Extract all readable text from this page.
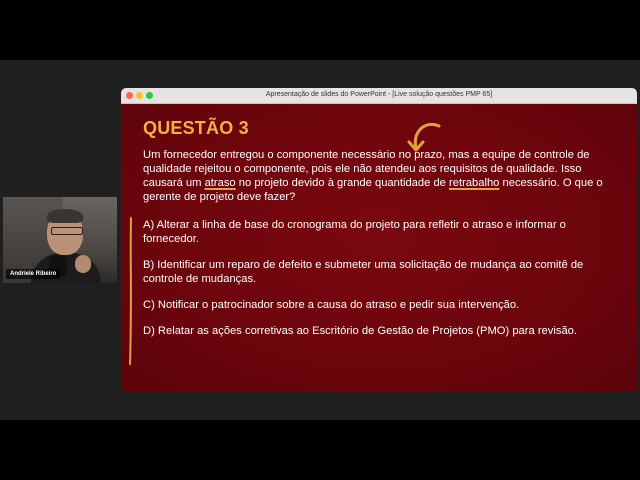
Andriele Ribeiro
Apresentação de slides do PowerPoint - [Live solução questões PMP 65]
QUESTÃO 3

Um fornecedor entregou o componente necessário no prazo, mas a equipe de controle de qualidade rejeitou o componente, pois ele não atendeu aos requisitos de qualidade. Isso causará um atraso no projeto devido à grande quantidade de retrabalho necessário. O que o gerente de projeto deve fazer?

A) Alterar a linha de base do cronograma do projeto para refletir o atraso e informar o fornecedor.

B) Identificar um reparo de defeito e submeter uma solicitação de mudança ao comitê de controle de mudanças.

C) Notificar o patrocinador sobre a causa do atraso e pedir sua intervenção.

D) Relatar as ações corretivas ao Escritório de Gestão de Projetos (PMO) para revisão.
